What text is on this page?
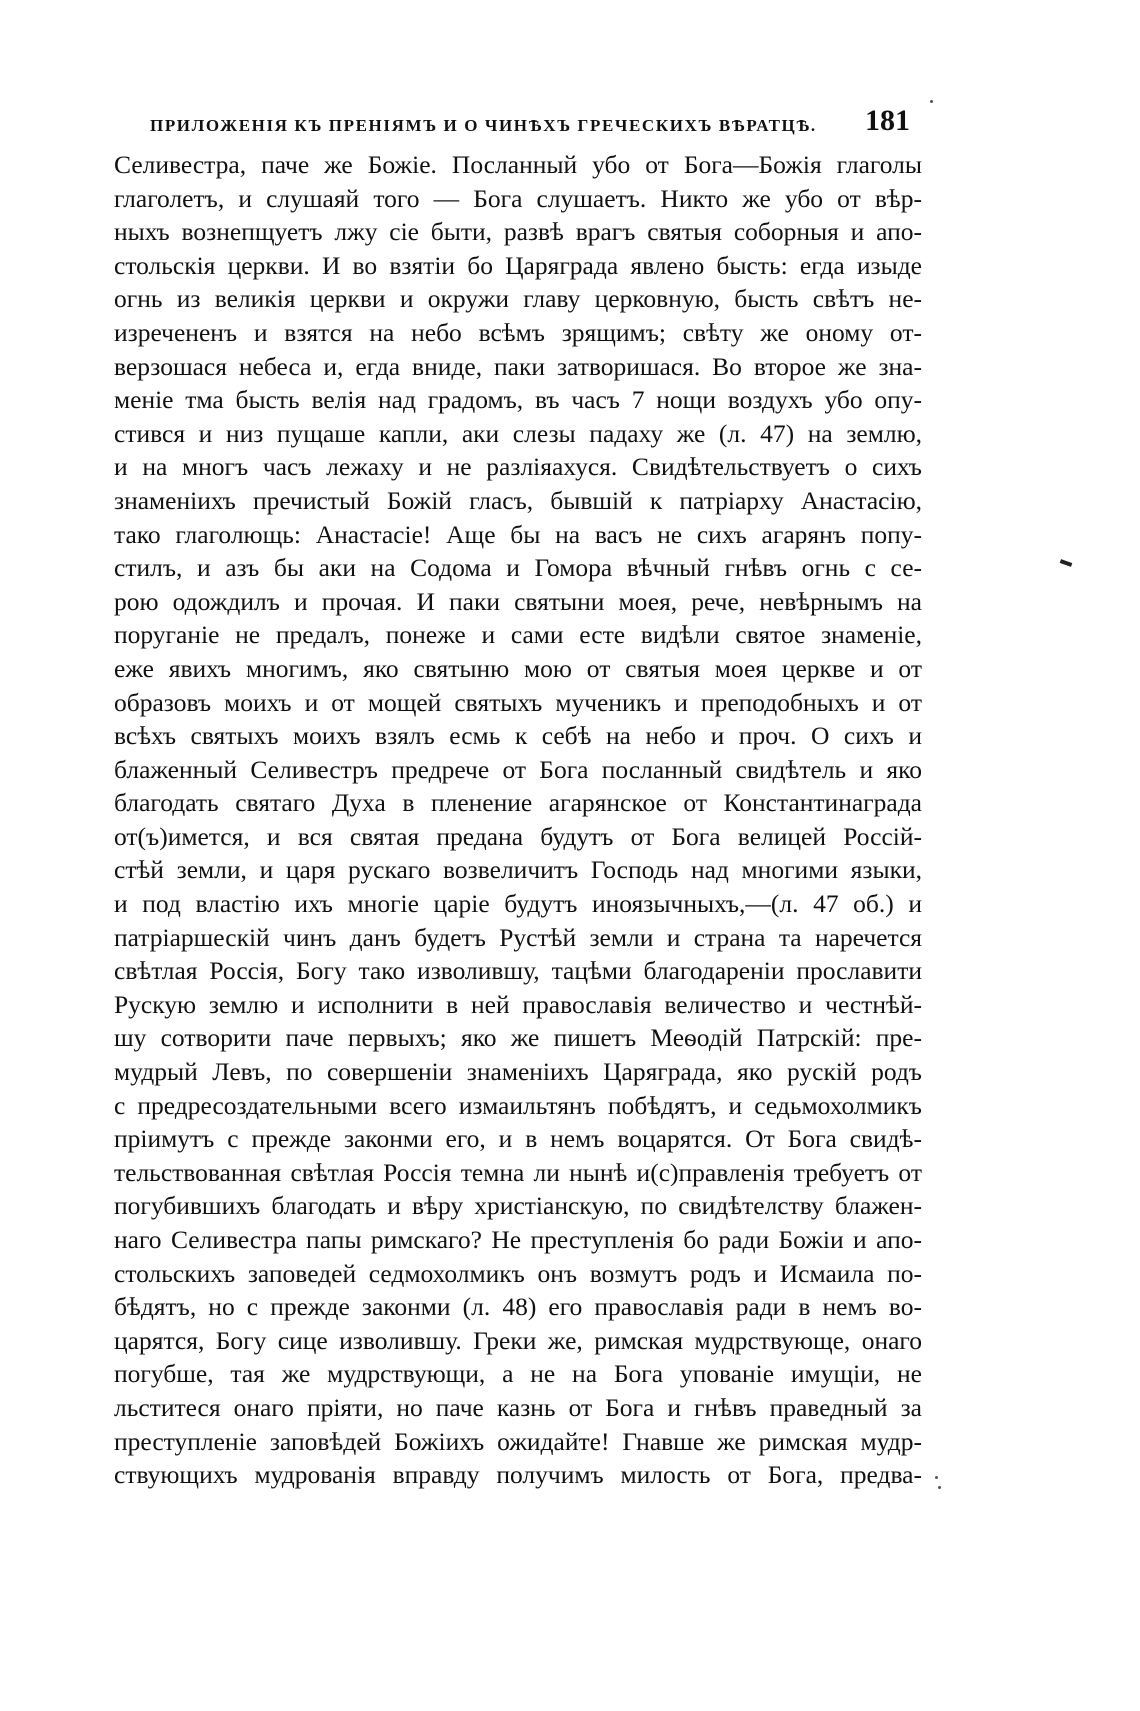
ПРИЛОЖЕНІЯ КЪ ПРЕНІЯМЪ И О ЧИНѢХЪ ГРЕЧЕСКИХЪ ВѢРАТЦѢ. 181
Селивестра, паче же Божіе. Посланный убо от Бога—Божія глаголы
глаголетъ, и слушаяй того — Бога слушаетъ. Никто же убо от вѣр-
ныхъ вознепщуетъ лжу сіе быти, развѣ врагъ святыя соборныя и апо-
стольскія церкви. И во взятіи бо Царяграда явлено бысть: егда изыде
огнь из великія церкви и окружи главу церковную, бысть свѣтъ не-
изречененъ и взятся на небо всѣмъ зрящимъ; свѣту же оному от-
верзошася небеса и, егда вниде, паки затворишася. Во второе же зна-
меніе тма бысть велія над градомъ, въ часъ 7 нощи воздухъ убо опу-
стився и низ пущаше капли, аки слезы падаху же (л. 47) на землю,
и на многъ часъ лежаху и не разліяахуся. Свидѣтельствуетъ о сихъ
знаменіихъ пречистый Божій гласъ, бывшій к патріарху Анастасію,
тако глаголющь: Анастасіе! Аще бы на васъ не сихъ агарянъ попу-
стилъ, и азъ бы аки на Содома и Гомора вѣчный гнѣвъ огнь с се-
рою одождилъ и прочая. И паки святыни моея, рече, невѣрнымъ на
поруганіе не предалъ, понеже и сами есте видѣли святое знаменіе,
еже явихъ многимъ, яко святыню мою от святыя моея церкве и от
образовъ моихъ и от мощей святыхъ мученикъ и преподобныхъ и от
всѣхъ святыхъ моихъ взялъ есмь к себѣ на небо и проч. О сихъ и
блаженный Селивестръ предрече от Бога посланный свидѣтель и яко
благодать святаго Духа в пленение агарянское от Константинаграда
от(ъ)имется, и вся святая предана будутъ от Бога велицей Россій-
стѣй земли, и царя рускаго возвеличитъ Господь над многими языки,
и под властію ихъ многіе царіе будутъ иноязычныхъ,—(л. 47 об.) и
патріаршескій чинъ данъ будетъ Рустѣй земли и страна та наречется
свѣтлая Россія, Богу тако изволившу, тацѣми благодареніи прославити
Рускую землю и исполнити в ней православія величество и честнѣй-
шу сотворити паче первыхъ; яко же пишетъ Меѳодій Патрскій: пре-
мудрый Левъ, по совершеніи знаменіихъ Царяграда, яко рускій родъ
с предресоздательными всего измаильтянъ побѣдятъ, и седьмохолмикъ
пріимутъ с прежде законми его, и в немъ воцарятся. От Бога свидѣ-
тельствованная свѣтлая Россія темна ли нынѣ и(с)правленія требуетъ от
погубившихъ благодать и вѣру христіанскую, по свидѣтелству блажен-
наго Селивестра папы римскаго? Не преступленія бо ради Божіи и апо-
стольскихъ заповедей седмохолмикъ онъ возмутъ родъ и Исмаила по-
бѣдятъ, но с прежде законми (л. 48) его православія ради в немъ во-
царятся, Богу сице изволившу. Греки же, римская мудрствующе, онаго
погубше, тая же мудрствующи, а не на Бога упованіе имущіи, не
льститеся онаго пріяти, но паче казнь от Бога и гнѣвъ праведный за
преступленіе заповѣдей Божіихъ ожидайте! Гнавше же римская мудр-
ствующихъ мудрованія вправду получимъ милость от Бога, предва-
